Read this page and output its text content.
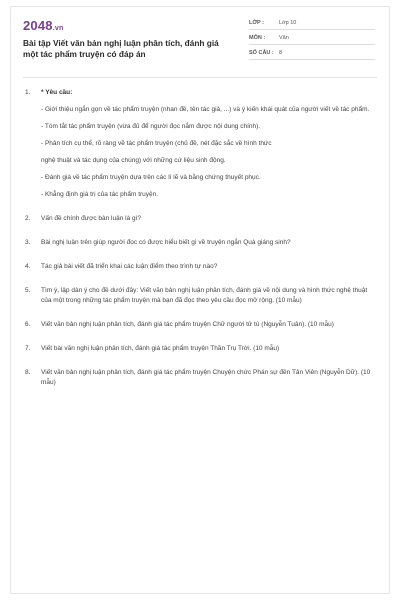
2048.vn
Bài tập Viết văn bản nghị luận phân tích, đánh giá một tác phẩm truyện có đáp án
LỚP :	Lớp 10
MÔN :	Văn
SỐ CÂU : 8
1.	* Yêu cầu:
- Giới thiệu ngắn gọn về tác phẩm truyện (nhan đề, tên tác giả, ...) và ý kiến khái quát của người viết về tác phẩm.
- Tóm tắt tác phẩm truyện (vừa đủ để người đọc nắm được nội dung chính).
- Phân tích cụ thể, rõ ràng về tác phẩm truyện (chủ đề, nét đặc sắc về hình thức
nghệ thuật và tác dụng của chúng) với những cứ liệu sinh động.
- Đánh giá về tác phẩm truyện dựa trên các lí lẽ và bằng chứng thuyết phục.
- Khẳng định giá trị của tác phẩm truyện.
2.	Vấn đề chính được bàn luận là gì?
3.	Bài nghị luận trên giúp người đọc có được hiểu biết gì về truyện ngắn Quà giáng sinh?
4.	Tác giả bài viết đã triển khai các luận điểm theo trình tự nào?
5.	Tìm ý, lập dàn ý cho đề dưới đây: Viết văn bản nghị luận phân tích, đánh giá về nội dung và hình thức nghệ thuật của một trong những tác phẩm truyện mà bạn đã đọc theo yêu cầu đọc mở rộng. (10 mẫu)
6.	Viết văn bản nghị luận phân tích, đánh giá tác phẩm truyện Chữ người tử tù (Nguyễn Tuân). (10 mẫu)
7.	Viết bài văn nghị luận phân tích, đánh giá tác phẩm truyện Thần Trụ Trời. (10 mẫu)
8.	Viết văn bản nghị luận phân tích, đánh giá tác phẩm truyện Chuyện chức Phán sự đền Tản Viên (Nguyễn Dữ). (10 mẫu)
